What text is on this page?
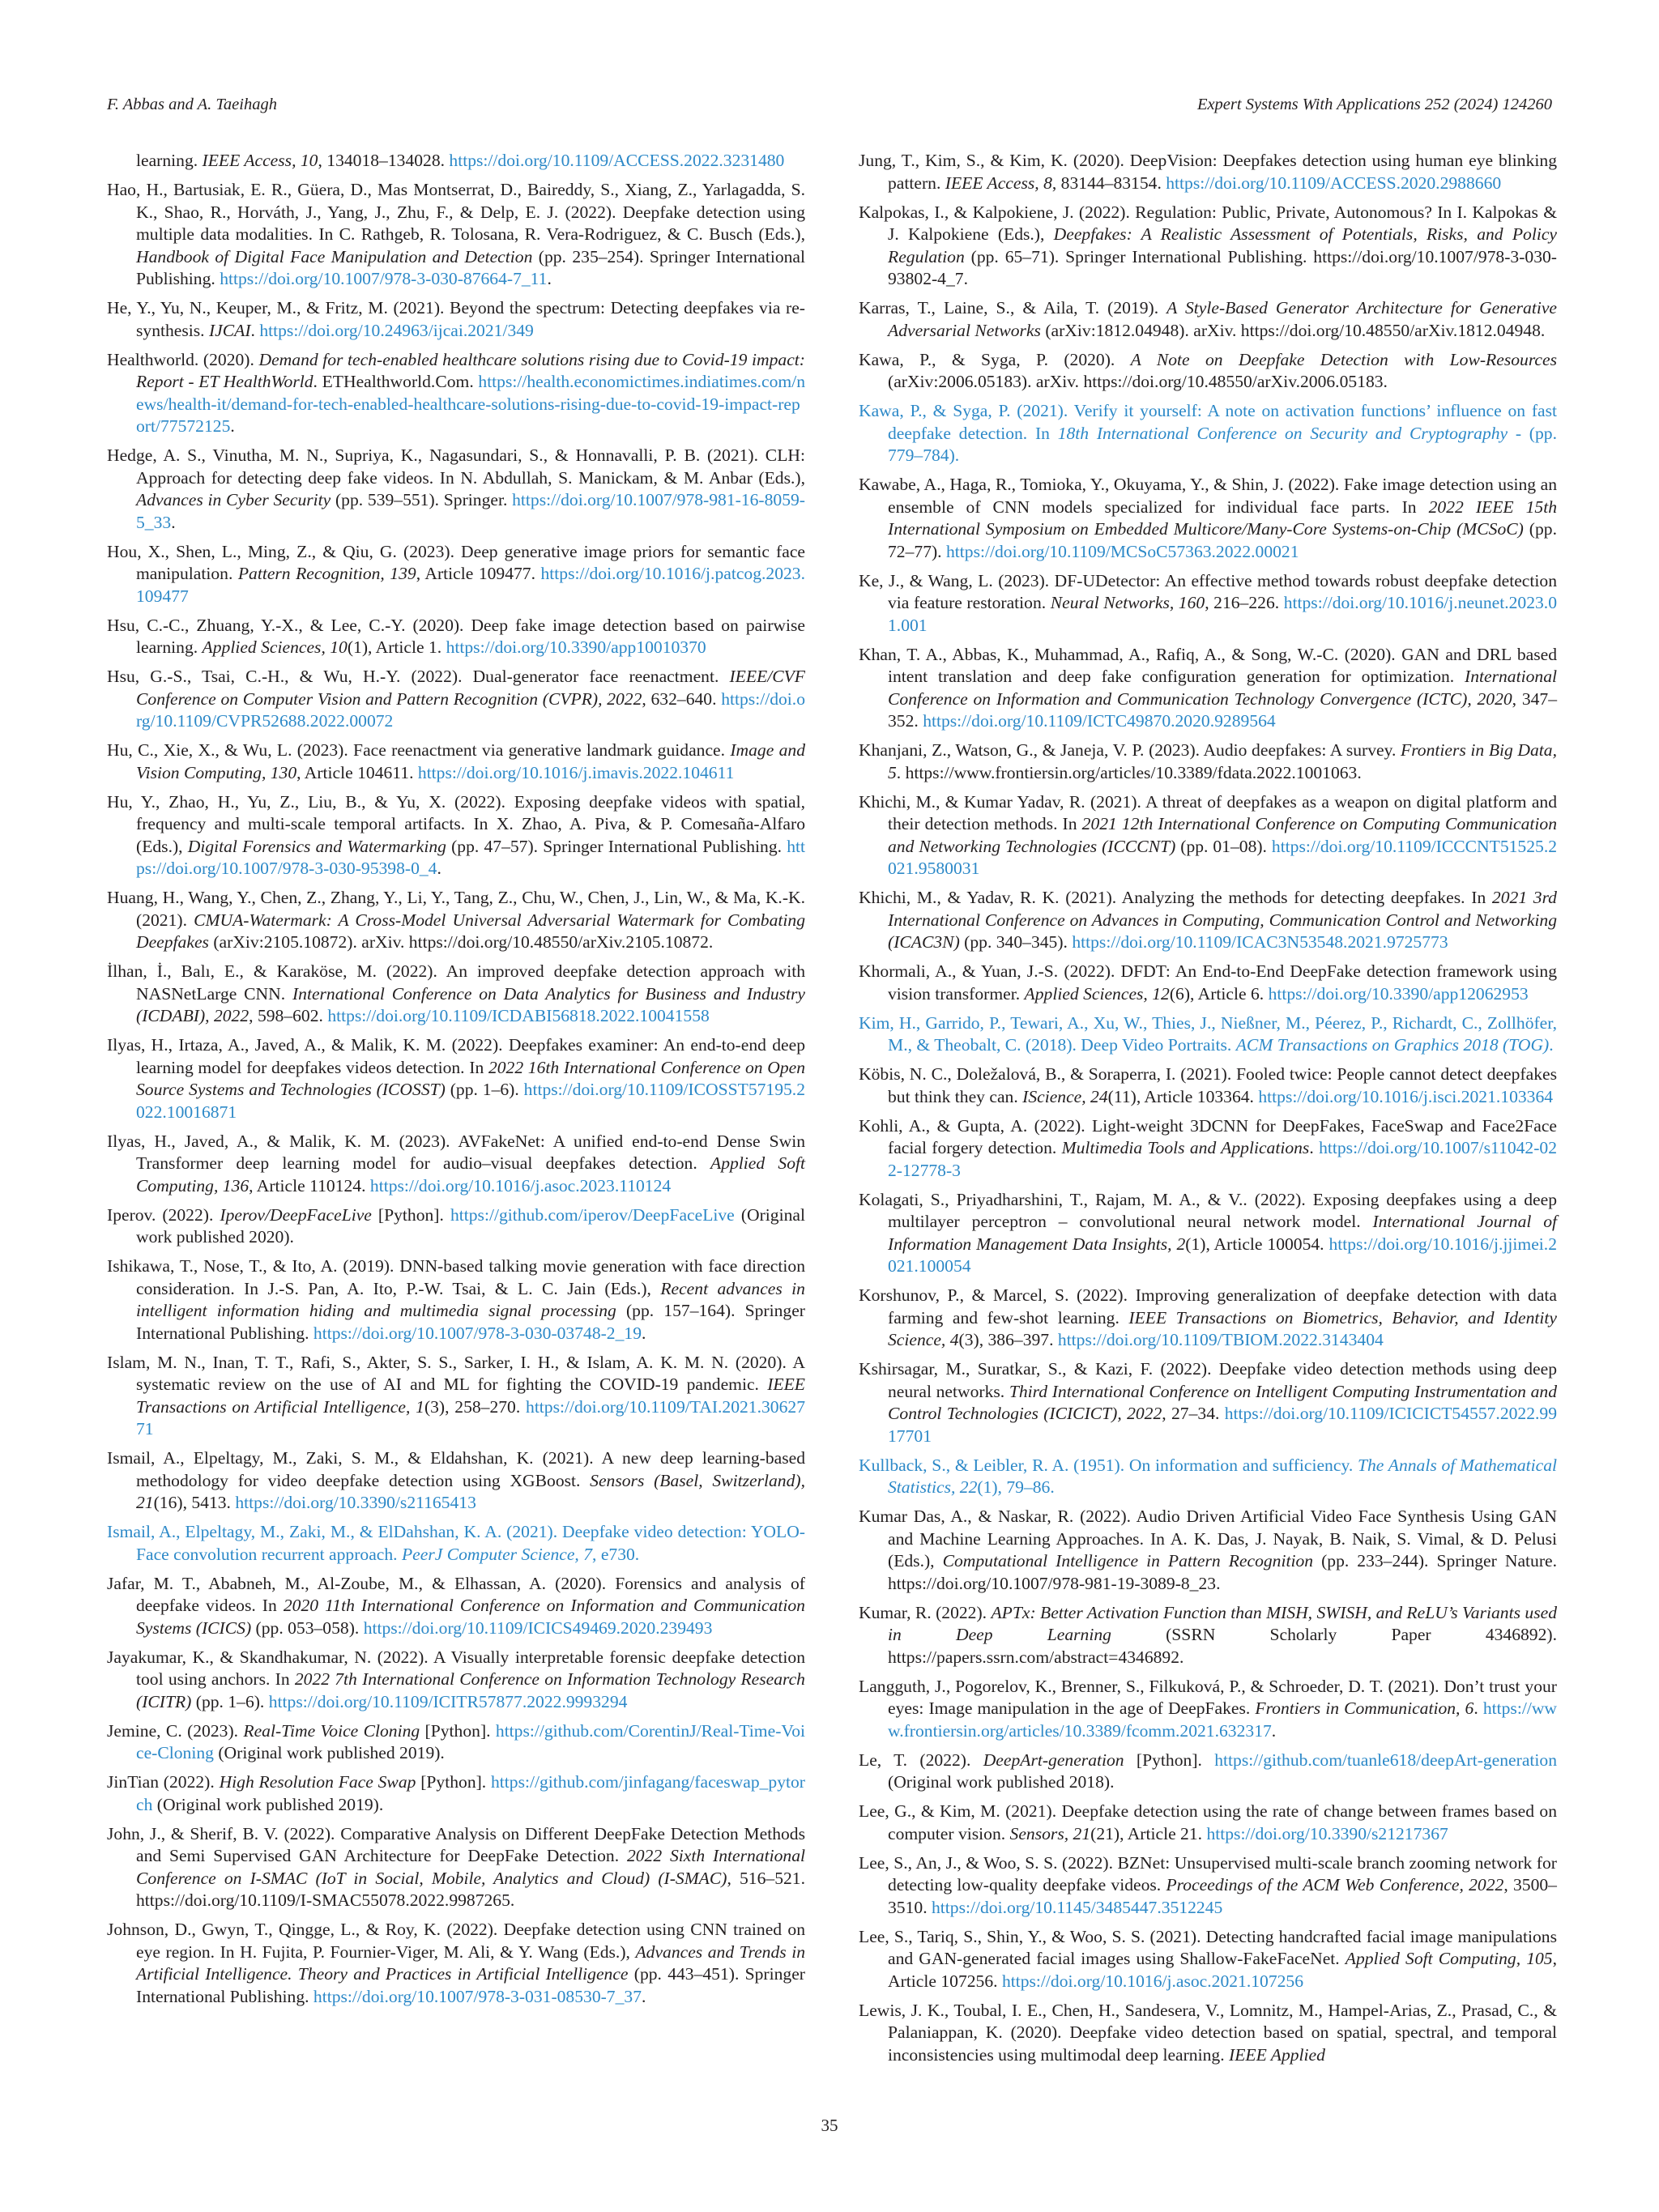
F. Abbas and A. Taeihagh	Expert Systems With Applications 252 (2024) 124260
learning. IEEE Access, 10, 134018–134028. https://doi.org/10.1109/ACCESS.2022.3231480
Hao, H., Bartusiak, E. R., Güera, D., Mas Montserrat, D., Baireddy, S., Xiang, Z., Yarlagadda, S. K., Shao, R., Horváth, J., Yang, J., Zhu, F., & Delp, E. J. (2022). Deepfake detection using multiple data modalities. In C. Rathgeb, R. Tolosana, R. Vera-Rodriguez, & C. Busch (Eds.), Handbook of Digital Face Manipulation and Detection (pp. 235–254). Springer International Publishing. https://doi.org/10.1007/978-3-030-87664-7_11.
He, Y., Yu, N., Keuper, M., & Fritz, M. (2021). Beyond the spectrum: Detecting deepfakes via re-synthesis. IJCAI. https://doi.org/10.24963/ijcai.2021/349
Healthworld. (2020). Demand for tech-enabled healthcare solutions rising due to Covid-19 impact: Report - ET HealthWorld. ETHealthworld.Com. https://health.economictimes.indiatimes.com/news/health-it/demand-for-tech-enabled-healthcare-solutions-rising-due-to-covid-19-impact-report/77572125.
Hedge, A. S., Vinutha, M. N., Supriya, K., Nagasundari, S., & Honnavalli, P. B. (2021). CLH: Approach for detecting deep fake videos. In N. Abdullah, S. Manickam, & M. Anbar (Eds.), Advances in Cyber Security (pp. 539–551). Springer. https://doi.org/10.1007/978-981-16-8059-5_33.
Hou, X., Shen, L., Ming, Z., & Qiu, G. (2023). Deep generative image priors for semantic face manipulation. Pattern Recognition, 139, Article 109477. https://doi.org/10.1016/j.patcog.2023.109477
Hsu, C.-C., Zhuang, Y.-X., & Lee, C.-Y. (2020). Deep fake image detection based on pairwise learning. Applied Sciences, 10(1), Article 1. https://doi.org/10.3390/app10010370
Hsu, G.-S., Tsai, C.-H., & Wu, H.-Y. (2022). Dual-generator face reenactment. IEEE/CVF Conference on Computer Vision and Pattern Recognition (CVPR), 2022, 632–640. https://doi.org/10.1109/CVPR52688.2022.00072
Hu, C., Xie, X., & Wu, L. (2023). Face reenactment via generative landmark guidance. Image and Vision Computing, 130, Article 104611. https://doi.org/10.1016/j.imavis.2022.104611
Hu, Y., Zhao, H., Yu, Z., Liu, B., & Yu, X. (2022). Exposing deepfake videos with spatial, frequency and multi-scale temporal artifacts. In X. Zhao, A. Piva, & P. Comesaña-Alfaro (Eds.), Digital Forensics and Watermarking (pp. 47–57). Springer International Publishing. https://doi.org/10.1007/978-3-030-95398-0_4.
Huang, H., Wang, Y., Chen, Z., Zhang, Y., Li, Y., Tang, Z., Chu, W., Chen, J., Lin, W., & Ma, K.-K. (2021). CMUA-Watermark: A Cross-Model Universal Adversarial Watermark for Combating Deepfakes (arXiv:2105.10872). arXiv. https://doi.org/10.48550/arXiv.2105.10872.
İlhan, İ., Balı, E., & Karaköse, M. (2022). An improved deepfake detection approach with NASNetLarge CNN. International Conference on Data Analytics for Business and Industry (ICDABI), 2022, 598–602. https://doi.org/10.1109/ICDABI56818.2022.10041558
Ilyas, H., Irtaza, A., Javed, A., & Malik, K. M. (2022). Deepfakes examiner: An end-to-end deep learning model for deepfakes videos detection. In 2022 16th International Conference on Open Source Systems and Technologies (ICOSST) (pp. 1–6). https://doi.org/10.1109/ICOSST57195.2022.10016871
Ilyas, H., Javed, A., & Malik, K. M. (2023). AVFakeNet: A unified end-to-end Dense Swin Transformer deep learning model for audio–visual deepfakes detection. Applied Soft Computing, 136, Article 110124. https://doi.org/10.1016/j.asoc.2023.110124
Iperov. (2022). Iperov/DeepFaceLive [Python]. https://github.com/iperov/DeepFaceLive (Original work published 2020).
Ishikawa, T., Nose, T., & Ito, A. (2019). DNN-based talking movie generation with face direction consideration. In J.-S. Pan, A. Ito, P.-W. Tsai, & L. C. Jain (Eds.), Recent advances in intelligent information hiding and multimedia signal processing (pp. 157–164). Springer International Publishing. https://doi.org/10.1007/978-3-030-03748-2_19.
Islam, M. N., Inan, T. T., Rafi, S., Akter, S. S., Sarker, I. H., & Islam, A. K. M. N. (2020). A systematic review on the use of AI and ML for fighting the COVID-19 pandemic. IEEE Transactions on Artificial Intelligence, 1(3), 258–270. https://doi.org/10.1109/TAI.2021.3062771
Ismail, A., Elpeltagy, M., Zaki, S. M., & Eldahshan, K. (2021). A new deep learning-based methodology for video deepfake detection using XGBoost. Sensors (Basel, Switzerland), 21(16), 5413. https://doi.org/10.3390/s21165413
Ismail, A., Elpeltagy, M., Zaki, M., & ElDahshan, K. A. (2021). Deepfake video detection: YOLO-Face convolution recurrent approach. PeerJ Computer Science, 7, e730.
Jafar, M. T., Ababneh, M., Al-Zoube, M., & Elhassan, A. (2020). Forensics and analysis of deepfake videos. In 2020 11th International Conference on Information and Communication Systems (ICICS) (pp. 053–058). https://doi.org/10.1109/ICICS49469.2020.239493
Jayakumar, K., & Skandhakumar, N. (2022). A Visually interpretable forensic deepfake detection tool using anchors. In 2022 7th International Conference on Information Technology Research (ICITR) (pp. 1–6). https://doi.org/10.1109/ICITR57877.2022.9993294
Jemine, C. (2023). Real-Time Voice Cloning [Python]. https://github.com/CorentinJ/Real-Time-Voice-Cloning (Original work published 2019).
JinTian (2022). High Resolution Face Swap [Python]. https://github.com/jinfagang/faceswap_pytorch (Original work published 2019).
John, J., & Sherif, B. V. (2022). Comparative Analysis on Different DeepFake Detection Methods and Semi Supervised GAN Architecture for DeepFake Detection. 2022 Sixth International Conference on I-SMAC (IoT in Social, Mobile, Analytics and Cloud) (I-SMAC), 516–521. https://doi.org/10.1109/I-SMAC55078.2022.9987265.
Johnson, D., Gwyn, T., Qingge, L., & Roy, K. (2022). Deepfake detection using CNN trained on eye region. In H. Fujita, P. Fournier-Viger, M. Ali, & Y. Wang (Eds.), Advances and Trends in Artificial Intelligence. Theory and Practices in Artificial Intelligence (pp. 443–451). Springer International Publishing. https://doi.org/10.1007/978-3-031-08530-7_37.
Jung, T., Kim, S., & Kim, K. (2020). DeepVision: Deepfakes detection using human eye blinking pattern. IEEE Access, 8, 83144–83154. https://doi.org/10.1109/ACCESS.2020.2988660
Kalpokas, I., & Kalpokiene, J. (2022). Regulation: Public, Private, Autonomous? In I. Kalpokas & J. Kalpokiene (Eds.), Deepfakes: A Realistic Assessment of Potentials, Risks, and Policy Regulation (pp. 65–71). Springer International Publishing. https://doi.org/10.1007/978-3-030-93802-4_7.
Karras, T., Laine, S., & Aila, T. (2019). A Style-Based Generator Architecture for Generative Adversarial Networks (arXiv:1812.04948). arXiv. https://doi.org/10.48550/arXiv.1812.04948.
Kawa, P., & Syga, P. (2020). A Note on Deepfake Detection with Low-Resources (arXiv:2006.05183). arXiv. https://doi.org/10.48550/arXiv.2006.05183.
Kawa, P., & Syga, P. (2021). Verify it yourself: A note on activation functions’ influence on fast deepfake detection. In 18th International Conference on Security and Cryptography - (pp. 779–784).
Kawabe, A., Haga, R., Tomioka, Y., Okuyama, Y., & Shin, J. (2022). Fake image detection using an ensemble of CNN models specialized for individual face parts. In 2022 IEEE 15th International Symposium on Embedded Multicore/Many-Core Systems-on-Chip (MCSoC) (pp. 72–77). https://doi.org/10.1109/MCSoC57363.2022.00021
Ke, J., & Wang, L. (2023). DF-UDetector: An effective method towards robust deepfake detection via feature restoration. Neural Networks, 160, 216–226. https://doi.org/10.1016/j.neunet.2023.01.001
Khan, T. A., Abbas, K., Muhammad, A., Rafiq, A., & Song, W.-C. (2020). GAN and DRL based intent translation and deep fake configuration generation for optimization. International Conference on Information and Communication Technology Convergence (ICTC), 2020, 347–352. https://doi.org/10.1109/ICTC49870.2020.9289564
Khanjani, Z., Watson, G., & Janeja, V. P. (2023). Audio deepfakes: A survey. Frontiers in Big Data, 5. https://www.frontiersin.org/articles/10.3389/fdata.2022.1001063.
Khichi, M., & Kumar Yadav, R. (2021). A threat of deepfakes as a weapon on digital platform and their detection methods. In 2021 12th International Conference on Computing Communication and Networking Technologies (ICCCNT) (pp. 01–08). https://doi.org/10.1109/ICCCNT51525.2021.9580031
Khichi, M., & Yadav, R. K. (2021). Analyzing the methods for detecting deepfakes. In 2021 3rd International Conference on Advances in Computing, Communication Control and Networking (ICAC3N) (pp. 340–345). https://doi.org/10.1109/ICAC3N53548.2021.9725773
Khormali, A., & Yuan, J.-S. (2022). DFDT: An End-to-End DeepFake detection framework using vision transformer. Applied Sciences, 12(6), Article 6. https://doi.org/10.3390/app12062953
Kim, H., Garrido, P., Tewari, A., Xu, W., Thies, J., Nießner, M., Péerez, P., Richardt, C., Zollhöfer, M., & Theobalt, C. (2018). Deep Video Portraits. ACM Transactions on Graphics 2018 (TOG).
Köbis, N. C., Doležalová, B., & Soraperra, I. (2021). Fooled twice: People cannot detect deepfakes but think they can. IScience, 24(11), Article 103364. https://doi.org/10.1016/j.isci.2021.103364
Kohli, A., & Gupta, A. (2022). Light-weight 3DCNN for DeepFakes, FaceSwap and Face2Face facial forgery detection. Multimedia Tools and Applications. https://doi.org/10.1007/s11042-022-12778-3
Kolagati, S., Priyadharshini, T., Rajam, M. A., & V.. (2022). Exposing deepfakes using a deep multilayer perceptron – convolutional neural network model. International Journal of Information Management Data Insights, 2(1), Article 100054. https://doi.org/10.1016/j.jjimei.2021.100054
Korshunov, P., & Marcel, S. (2022). Improving generalization of deepfake detection with data farming and few-shot learning. IEEE Transactions on Biometrics, Behavior, and Identity Science, 4(3), 386–397. https://doi.org/10.1109/TBIOM.2022.3143404
Kshirsagar, M., Suratkar, S., & Kazi, F. (2022). Deepfake video detection methods using deep neural networks. Third International Conference on Intelligent Computing Instrumentation and Control Technologies (ICICICT), 2022, 27–34. https://doi.org/10.1109/ICICICT54557.2022.9917701
Kullback, S., & Leibler, R. A. (1951). On information and sufficiency. The Annals of Mathematical Statistics, 22(1), 79–86.
Kumar Das, A., & Naskar, R. (2022). Audio Driven Artificial Video Face Synthesis Using GAN and Machine Learning Approaches. In A. K. Das, J. Nayak, B. Naik, S. Vimal, & D. Pelusi (Eds.), Computational Intelligence in Pattern Recognition (pp. 233–244). Springer Nature. https://doi.org/10.1007/978-981-19-3089-8_23.
Kumar, R. (2022). APTx: Better Activation Function than MISH, SWISH, and ReLU’s Variants used in Deep Learning (SSRN Scholarly Paper 4346892). https://papers.ssrn.com/abstract=4346892.
Langguth, J., Pogorelov, K., Brenner, S., Filkuková, P., & Schroeder, D. T. (2021). Don’t trust your eyes: Image manipulation in the age of DeepFakes. Frontiers in Communication, 6. https://www.frontiersin.org/articles/10.3389/fcomm.2021.632317.
Le, T. (2022). DeepArt-generation [Python]. https://github.com/tuanle618/deepArt-generation (Original work published 2018).
Lee, G., & Kim, M. (2021). Deepfake detection using the rate of change between frames based on computer vision. Sensors, 21(21), Article 21. https://doi.org/10.3390/s21217367
Lee, S., An, J., & Woo, S. S. (2022). BZNet: Unsupervised multi-scale branch zooming network for detecting low-quality deepfake videos. Proceedings of the ACM Web Conference, 2022, 3500–3510. https://doi.org/10.1145/3485447.3512245
Lee, S., Tariq, S., Shin, Y., & Woo, S. S. (2021). Detecting handcrafted facial image manipulations and GAN-generated facial images using Shallow-FakeFaceNet. Applied Soft Computing, 105, Article 107256. https://doi.org/10.1016/j.asoc.2021.107256
Lewis, J. K., Toubal, I. E., Chen, H., Sandesera, V., Lomnitz, M., Hampel-Arias, Z., Prasad, C., & Palaniappan, K. (2020). Deepfake video detection based on spatial, spectral, and temporal inconsistencies using multimodal deep learning. IEEE Applied
35
